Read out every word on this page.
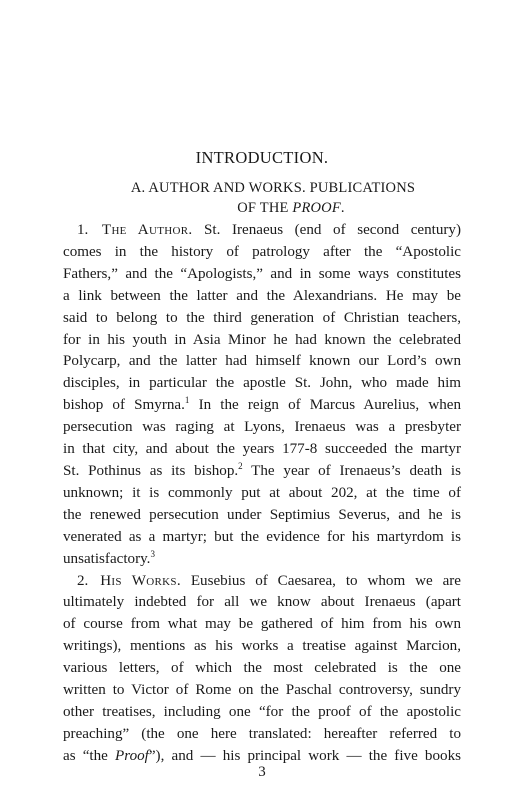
INTRODUCTION.
A. AUTHOR AND WORKS. PUBLICATIONS
OF THE PROOF.
1. The Author. St. Irenaeus (end of second century)
comes in the history of patrology after the “Apostolic
Fathers,” and the “Apologists,” and in some ways constitutes
a link between the latter and the Alexandrians. He may be
said to belong to the third generation of Christian teachers,
for in his youth in Asia Minor he had known the celebrated
Polycarp, and the latter had himself known our Lord’s own
disciples, in particular the apostle St. John, who made him
bishop of Smyrna.$^1$ In the reign of Marcus Aurelius, when
persecution was raging at Lyons, Irenaeus was a presbyter
in that city, and about the years 177-8 succeeded the martyr
St. Pothinus as its bishop.$^2$ The year of Irenaeus’s death is
unknown; it is commonly put at about 202, at the time of
the renewed persecution under Septimius Severus, and he is
venerated as a martyr; but the evidence for his martyrdom is
unsatisfactory.$^3$
2. His Works. Eusebius of Caesarea, to whom we are
ultimately indebted for all we know about Irenaeus (apart
of course from what may be gathered of him from his own
writings), mentions as his works a treatise against Marcion,
various letters, of which the most celebrated is the one
written to Victor of Rome on the Paschal controversy, sundry
other treatises, including one “for the proof of the apostolic
preaching” (the one here translated: hereafter referred to
as “the Proof”), and — his principal work — the five books
3
